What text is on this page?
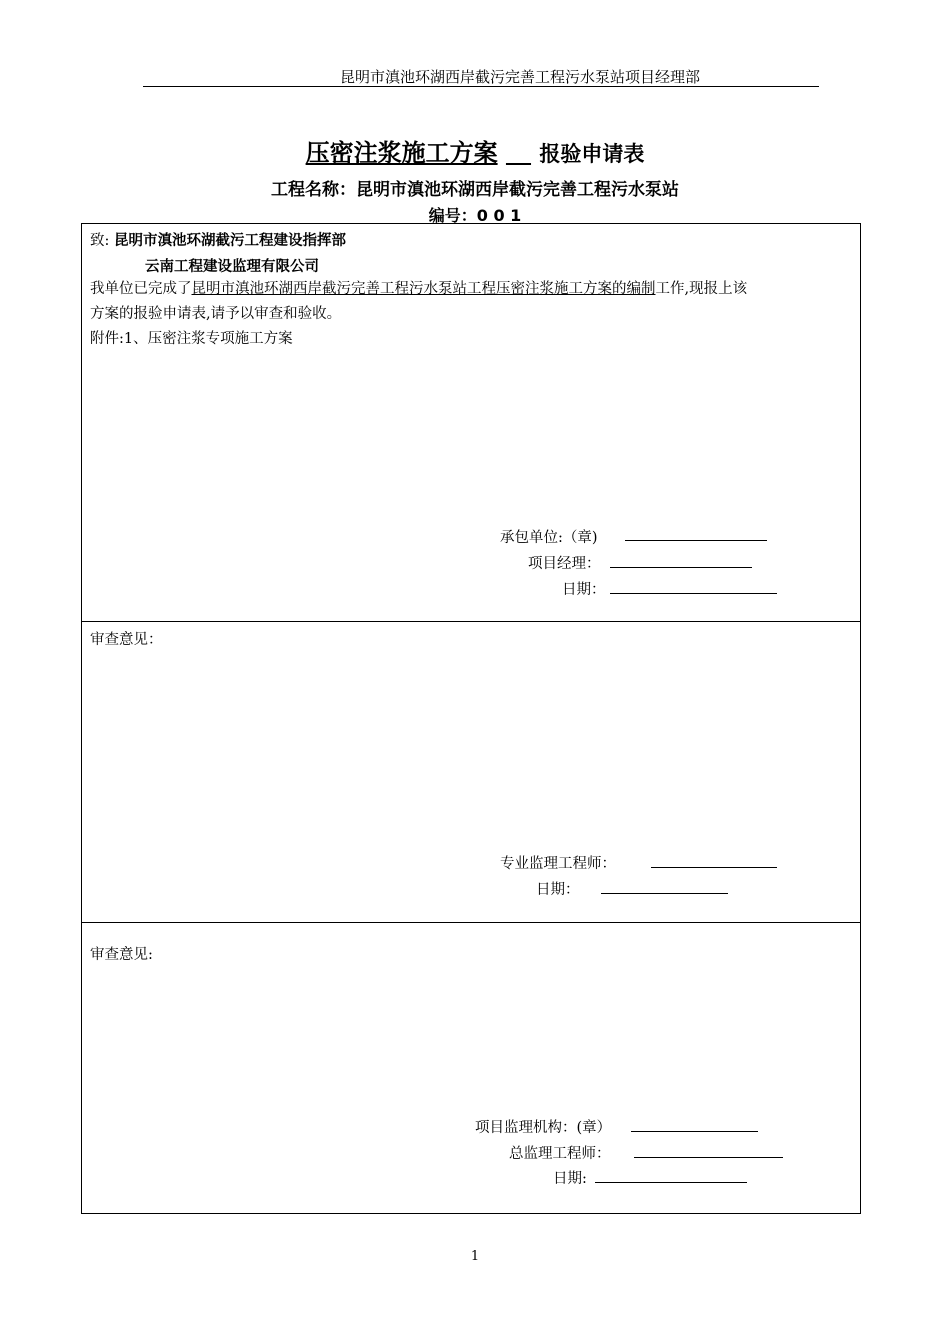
昆明市滇池环湖西岸截污完善工程污水泵站项目经理部
压密注浆施工方案 报验申请表
工程名称：昆明市滇池环湖西岸截污完善工程污水泵站
编号：0 0 1
致: 昆明市滇池环湖截污工程建设指挥部
云南工程建设监理有限公司
我单位已完成了昆明市滇池环湖西岸截污完善工程污水泵站工程压密注浆施工方案的编制工作,现报上该
方案的报验申请表,请予以审查和验收。
附件:1、压密注浆专项施工方案
承包单位:（章)
项目经理：
日期：
审查意见：
专业监理工程师：
日期：
审查意见:
项目监理机构：(章）
总监理工程师：
日期:
1
